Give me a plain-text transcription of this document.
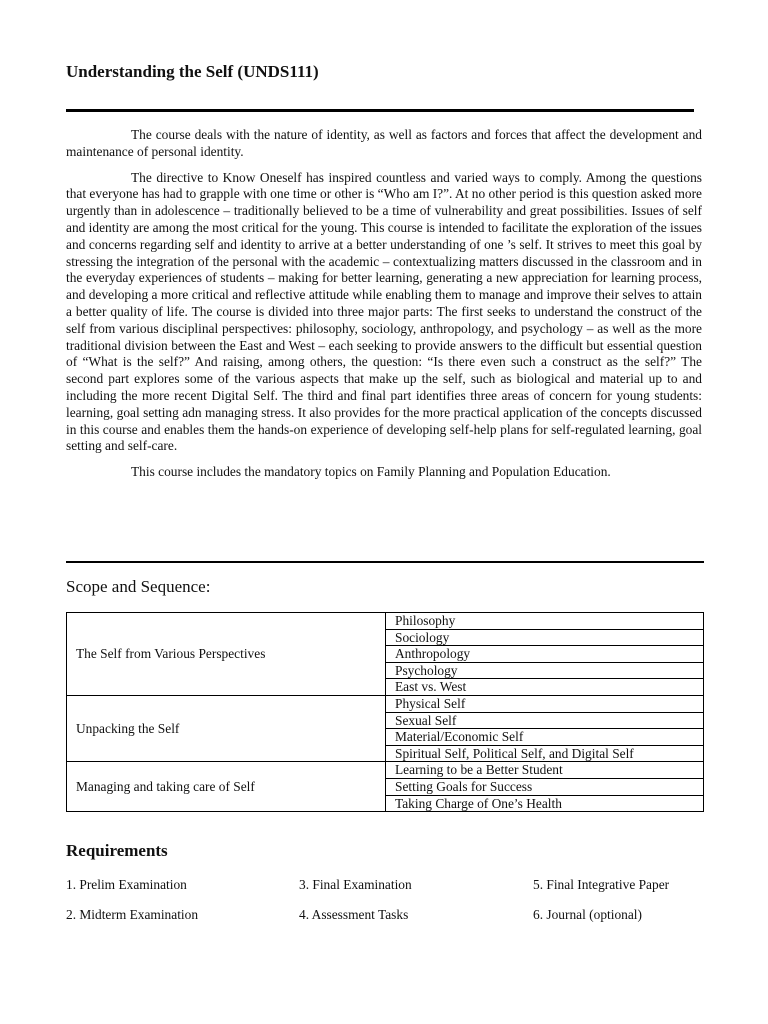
Understanding the Self (UNDS111)

The course deals with the nature of identity, as well as factors and forces that affect the development and maintenance of personal identity.

The directive to Know Oneself has inspired countless and varied ways to comply. Among the questions that everyone has had to grapple with one time or other is “Who am I?”. At no other period is this question asked more urgently than in adolescence – traditionally believed to be a time of vulnerability and great possibilities. Issues of self and identity are among the most critical for the young. This course is intended to facilitate the exploration of the issues and concerns regarding self and identity to arrive at a better understanding of one ’s self. It strives to meet this goal by stressing the integration of the personal with the academic – contextualizing matters discussed in the classroom and in the everyday experiences of students – making for better learning, generating a new appreciation for learning process, and developing a more critical and reflective attitude while enabling them to manage and improve their selves to attain a better quality of life. The course is divided into three major parts: The first seeks to understand the construct of the self from various disciplinal perspectives: philosophy, sociology, anthropology, and psychology – as well as the more traditional division between the East and West – each seeking to provide answers to the difficult but essential question of “What is the self?” And raising, among others, the question: “Is there even such a construct as the self?” The second part explores some of the various aspects that make up the self, such as biological and material up to and including the more recent Digital Self. The third and final part identifies three areas of concern for young students: learning, goal setting adn managing stress. It also provides for the more practical application of the concepts discussed in this course and enables them the hands-on experience of developing self-help plans for self-regulated learning, goal setting and self-care.

This course includes the mandatory topics on Family Planning and Population Education.

Scope and Sequence:
The Self from Various Perspectives	Philosophy
	Sociology
	Anthropology
	Psychology
	East vs. West
Unpacking the Self	Physical Self
	Sexual Self
	Material/Economic Self
	Spiritual Self, Political Self, and Digital Self
Managing and taking care of Self	Learning to be a Better Student
	Setting Goals for Success
	Taking Charge of One’s Health
Requirements
1. Prelim Examination
2. Midterm Examination
3. Final Examination
4. Assessment Tasks
5. Final Integrative Paper
6. Journal (optional)
